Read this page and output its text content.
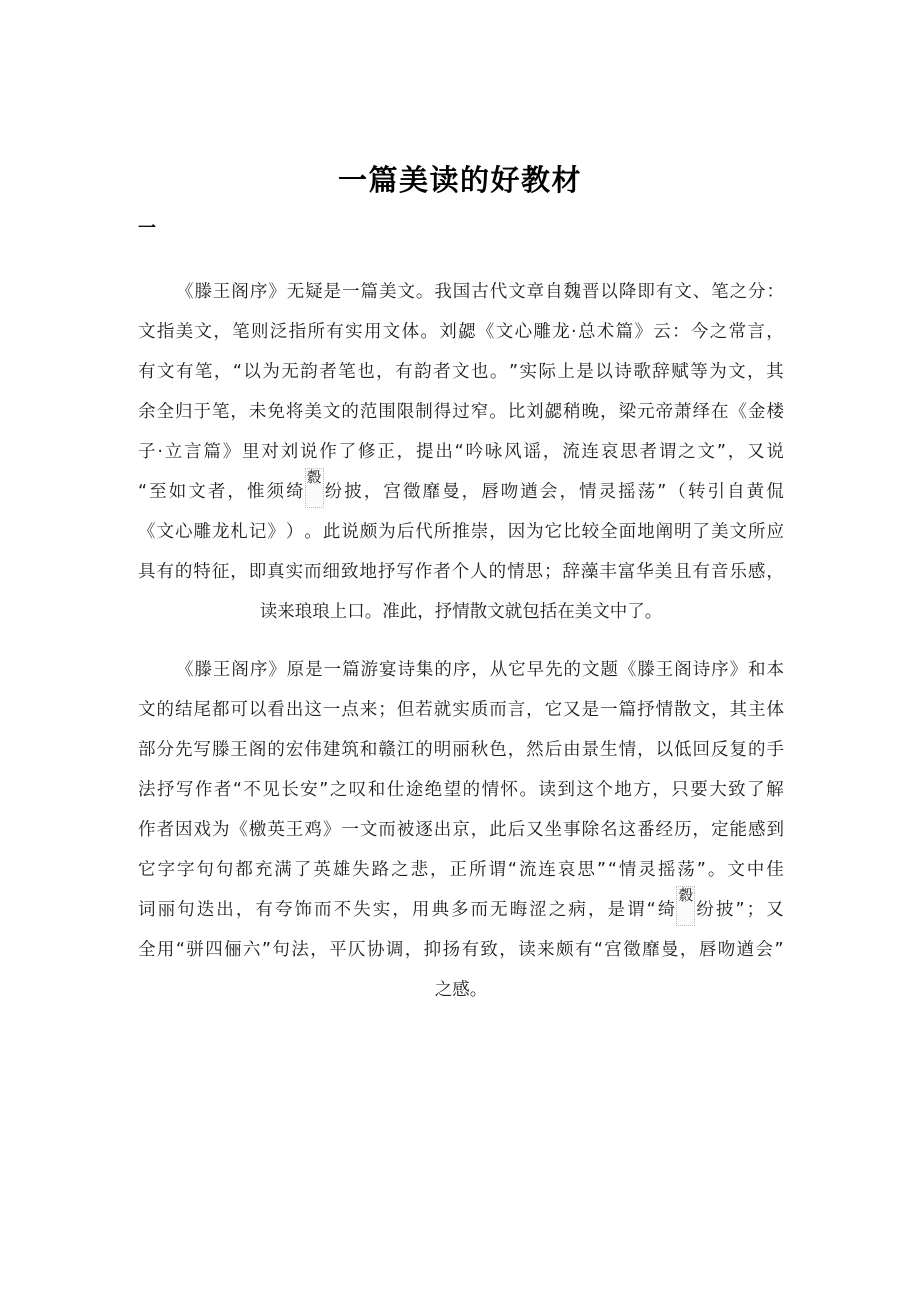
一篇美读的好教材
一
《 滕 王 阁 序 》 无 疑 是 一 篇 美 文 。 我 国 古 代 文 章 自 魏 晋 以 降 即 有 文 、 笔 之 分 ：
文 指 美 文 ， 笔 则 泛 指 所 有 实 用 文 体 。 刘 勰 《 文 心 雕 龙 · 总 术 篇 》 云 ： 今 之 常 言 ，
有 文 有 笔 ， “ 以 为 无 韵 者 笔 也 ， 有 韵 者 文 也 。 ” 实 际 上 是 以 诗 歌 辞 赋 等 为 文 ， 其
余 全 归 于 笔 ， 未 免 将 美 文 的 范 围 限 制 得 过 窄 。 比 刘 勰 稍 晚 ， 梁 元 帝 萧 绎 在 《 金 楼
子 · 立 言 篇 》 里 对 刘 说 作 了 修 正 ， 提 出 “ 吟 咏 风 谣 ， 流 连 哀 思 者 谓 之 文 ” ， 又 说
“ 至 如 文 者 ， 惟 须 绮
縠
纷 披 ， 宫 徵 靡 曼 ， 唇 吻 遒 会 ， 情 灵 摇 荡 ” （ 转 引 自 黄 侃
《 文 心 雕 龙 札 记 》 ） 。 此 说 颇 为 后 代 所 推 崇 ， 因 为 它 比 较 全 面 地 阐 明 了 美 文 所 应
具 有 的 特 征 ， 即 真 实 而 细 致 地 抒 写 作 者 个 人 的 情 思 ； 辞 藻 丰 富 华 美 且 有 音 乐 感 ，
读来琅琅上口。准此，抒情散文就包括在美文中了。
《 滕 王 阁 序 》 原 是 一 篇 游 宴 诗 集 的 序 ， 从 它 早 先 的 文 题 《 滕 王 阁 诗 序 》 和 本
文 的 结 尾 都 可 以 看 出 这 一 点 来 ； 但 若 就 实 质 而 言 ， 它 又 是 一 篇 抒 情 散 文 ， 其 主 体
部 分 先 写 滕 王 阁 的 宏 伟 建 筑 和 赣 江 的 明 丽 秋 色 ， 然 后 由 景 生 情 ， 以 低 回 反 复 的 手
法 抒 写 作 者 “ 不 见 长 安 ” 之 叹 和 仕 途 绝 望 的 情 怀 。 读 到 这 个 地 方 ， 只 要 大 致 了 解
作 者 因 戏 为 《 檄 英 王 鸡 》 一 文 而 被 逐 出 京 ， 此 后 又 坐 事 除 名 这 番 经 历 ， 定 能 感 到
它 字 字 句 句 都 充 满 了 英 雄 失 路 之 悲 ， 正 所 谓 “ 流 连 哀 思 ” “ 情 灵 摇 荡 ” 。 文 中 佳
词 丽 句 迭 出 ， 有 夸 饰 而 不 失 实 ， 用 典 多 而 无 晦 涩 之 病 ， 是 谓 “ 绮
縠
纷 披 ” ； 又
全 用 “ 骈 四 俪 六 ” 句 法 ， 平 仄 协 调 ， 抑 扬 有 致 ， 读 来 颇 有 “ 宫 徵 靡 曼 ， 唇 吻 遒 会 ”
之感。
